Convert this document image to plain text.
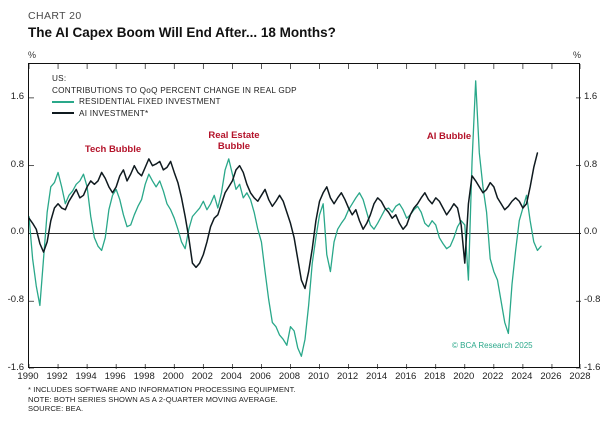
CHART 20
The AI Capex Boom Will End After... 18 Months?
%	%
-1.6	-1.6
-0.8	-0.8
0.0	0.0
0.8	0.8
1.6	1.6
1990 1992 1994 1996 1998 2000 2002 2004 2006 2008 2010 2012 2014 2016 2018 2020 2022 2024 2026 2028
US:
CONTRIBUTIONS TO QoQ PERCENT CHANGE IN REAL GDP
RESIDENTIAL FIXED INVESTMENT
AI INVESTMENT*
Tech Bubble
Real Estate
Bubble
AI Bubble
© BCA Research 2025
* INCLUDES SOFTWARE AND INFORMATION PROCESSING EQUIPMENT.
NOTE: BOTH SERIES SHOWN AS A 2-QUARTER MOVING AVERAGE.
SOURCE: BEA.
